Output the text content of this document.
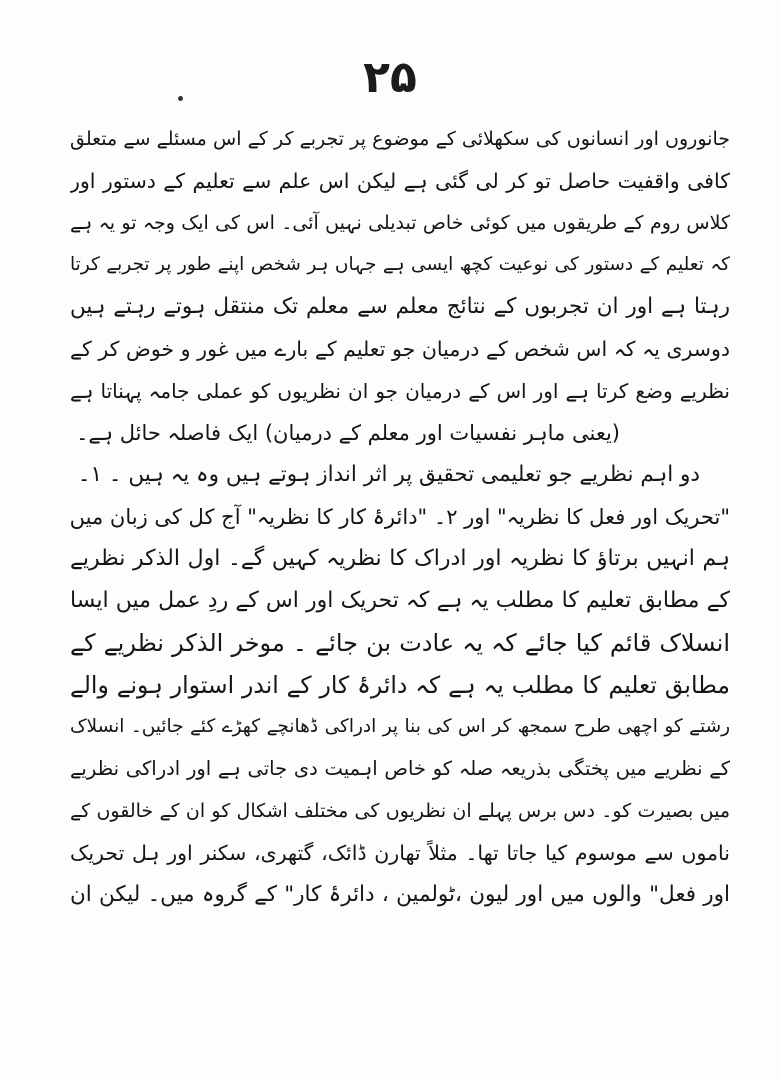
۲۵
جانوروں اور انسانوں کی سکھلائی کے موضوع پر تجربے کر کے اس مسئلے سے متعلق
کافی واقفیت حاصل تو کر لی گئی ہے لیکن اس علم سے تعلیم کے دستور اور
کلاس روم کے طریقوں میں کوئی خاص تبدیلی نہیں آئی۔ اس کی ایک وجہ تو یہ ہے
کہ تعلیم کے دستور کی نوعیت کچھ ایسی ہے جہاں ہر شخص اپنے طور پر تجربے کرتا
رہتا ہے اور ان تجربوں کے نتائج معلم سے معلم تک منتقل ہوتے رہتے ہیں
دوسری یہ کہ اس شخص کے درمیان جو تعلیم کے بارے میں غور و خوض کر کے
نظریے وضع کرتا ہے اور اس کے درمیان جو ان نظریوں کو عملی جامہ پہناتا ہے
(یعنی ماہر نفسیات اور معلم کے درمیان) ایک فاصلہ حائل ہے۔
دو اہم نظریے جو تعلیمی تحقیق پر اثر انداز ہوتے ہیں وہ یہ ہیں ۔ ۱۔
"تحریک اور فعل کا نظریہ" اور ۲۔ "دائرۂ کار کا نظریہ" آج کل کی زبان میں
ہم انہیں برتاؤ کا نظریہ اور ادراک کا نظریہ کہیں گے۔ اول الذکر نظریے
کے مطابق تعلیم کا مطلب یہ ہے کہ تحریک اور اس کے ردِ عمل میں ایسا
انسلاک قائم کیا جائے کہ یہ عادت بن جائے ۔ موخر الذکر نظریے کے
مطابق تعلیم کا مطلب یہ ہے کہ دائرۂ کار کے اندر استوار ہونے والے
رشتے کو اچھی طرح سمجھ کر اس کی بنا پر ادراکی ڈھانچے کھڑے کئے جائیں۔ انسلاک
کے نظریے میں پختگی بذریعہ صلہ کو خاص اہمیت دی جاتی ہے اور ادراکی نظریے
میں بصیرت کو۔ دس برس پہلے ان نظریوں کی مختلف اشکال کو ان کے خالقوں کے
ناموں سے موسوم کیا جاتا تھا۔ مثلاً تھارن ڈائک، گتھری، سکنر اور ہل تحریک
اور فعل" والوں میں اور لیون ،ٹولمین ، دائرۂ کار" کے گروہ میں۔ لیکن ان
